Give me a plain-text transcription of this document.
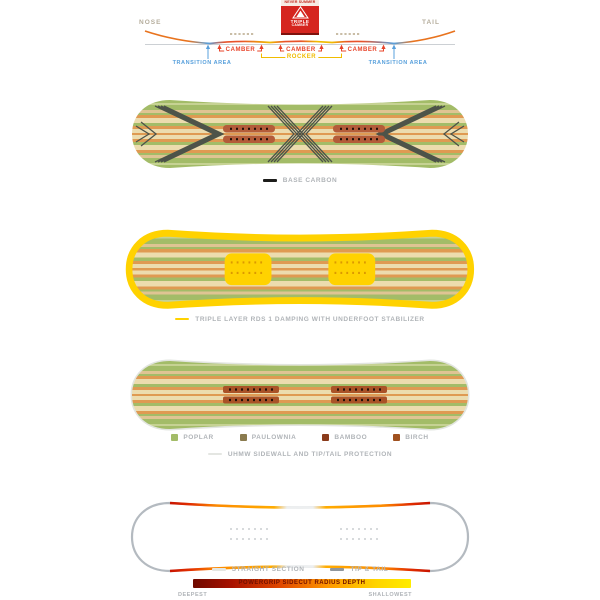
NEVER SUMMER
TRIPLE
CAMBER
NOSE	TAIL
CAMBER	CAMBER	CAMBER
ROCKER
TRANSITION AREA	TRANSITION AREA
BASE CARBON
TRIPLE LAYER RDS 1 DAMPING WITH UNDERFOOT STABILIZER
POPLAR	PAULOWNIA	BAMBOO	BIRCH
UHMW SIDEWALL AND TIP/TAIL PROTECTION
STRAIGHT SECTION	TIP & TAIL
POWERGRIP SIDECUT RADIUS DEPTH
DEEPEST	SHALLOWEST
